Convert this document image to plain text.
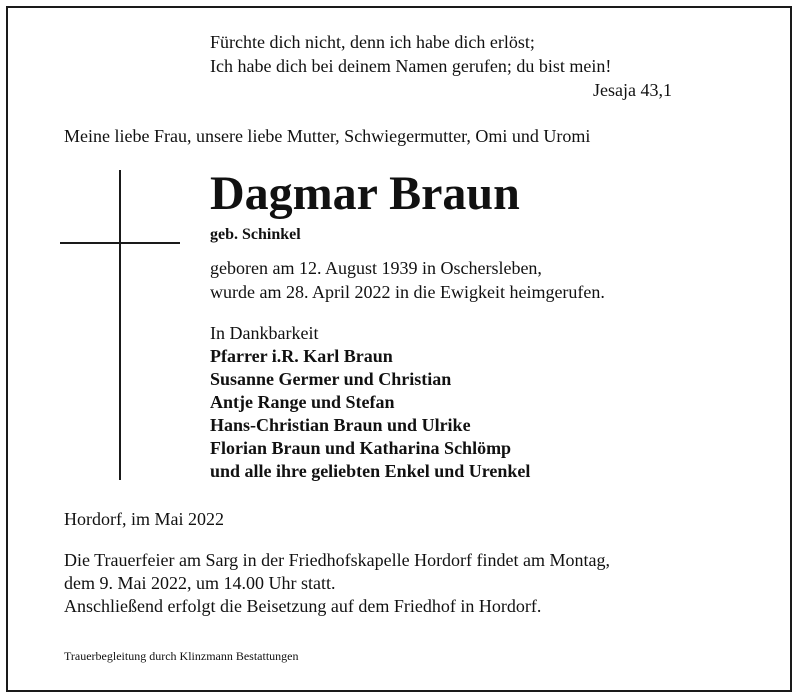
Fürchte dich nicht, denn ich habe dich erlöst;
Ich habe dich bei deinem Namen gerufen; du bist mein!
Jesaja 43,1
Meine liebe Frau, unsere liebe Mutter, Schwiegermutter, Omi und Uromi
Dagmar Braun
geb. Schinkel
geboren am 12. August 1939 in Oschersleben,
wurde am 28. April 2022 in die Ewigkeit heimgerufen.
In Dankbarkeit
Pfarrer i.R. Karl Braun
Susanne Germer und Christian
Antje Range und Stefan
Hans-Christian Braun und Ulrike
Florian Braun und Katharina Schlömp
und alle ihre geliebten Enkel und Urenkel
Hordorf, im Mai 2022
Die Trauerfeier am Sarg in der Friedhofskapelle Hordorf findet am Montag,
dem 9. Mai 2022, um 14.00 Uhr statt.
Anschließend erfolgt die Beisetzung auf dem Friedhof in Hordorf.
Trauerbegleitung durch Klinzmann Bestattungen
